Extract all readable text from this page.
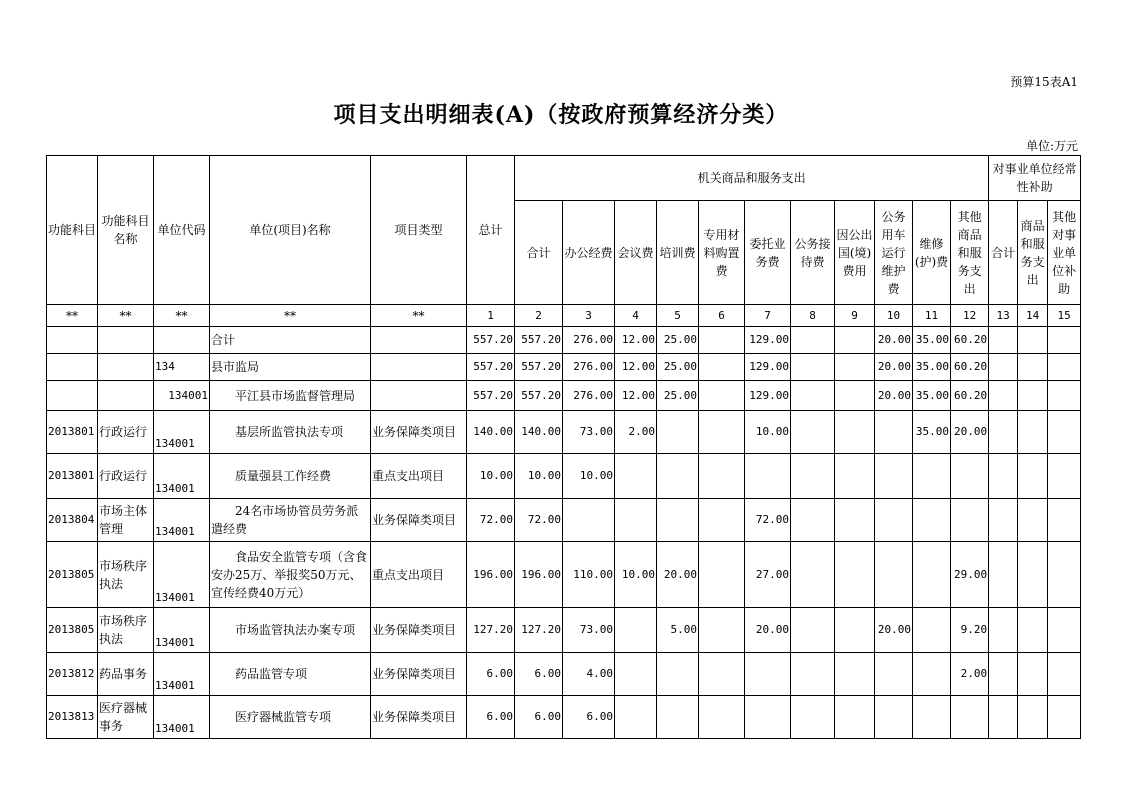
预算15表A1
项目支出明细表(A)（按政府预算经济分类）
单位:万元
功能科目	功能科目名称	单位代码	单位(项目)名称	项目类型	总计	机关商品和服务支出											对事业单位经常性补助		
						合计	办公经费	会议费	培训费	专用材料购置费	委托业务费	公务接待费	因公出国(境)费用	公务用车运行维护费	维修(护)费	其他商品和服务支出	合计	商品和服务支出	其他对事业单位补助
**	**	**	**	**	1	2	3	4	5	6	7	8	9	10	11	12	13	14	15
			合计		557.20	557.20	276.00	12.00	25.00		129.00			20.00	35.00	60.20			
		134	县市监局		557.20	557.20	276.00	12.00	25.00		129.00			20.00	35.00	60.20			
		134001	平江县市场监督管理局		557.20	557.20	276.00	12.00	25.00		129.00			20.00	35.00	60.20			
2013801	行政运行	134001	基层所监管执法专项	业务保障类项目	140.00	140.00	73.00	2.00			10.00				35.00	20.00			
2013801	行政运行	134001	质量强县工作经费	重点支出项目	10.00	10.00	10.00												
2013804	市场主体管理	134001	24名市场协管员劳务派遣经费	业务保障类项目	72.00	72.00					72.00								
2013805	市场秩序执法	134001	食品安全监管专项（含食安办25万、举报奖50万元、宣传经费40万元）	重点支出项目	196.00	196.00	110.00	10.00	20.00		27.00					29.00			
2013805	市场秩序执法	134001	市场监管执法办案专项	业务保障类项目	127.20	127.20	73.00		5.00		20.00			20.00		9.20			
2013812	药品事务	134001	药品监管专项	业务保障类项目	6.00	6.00	4.00									2.00			
2013813	医疗器械事务	134001	医疗器械监管专项	业务保障类项目	6.00	6.00	6.00												
